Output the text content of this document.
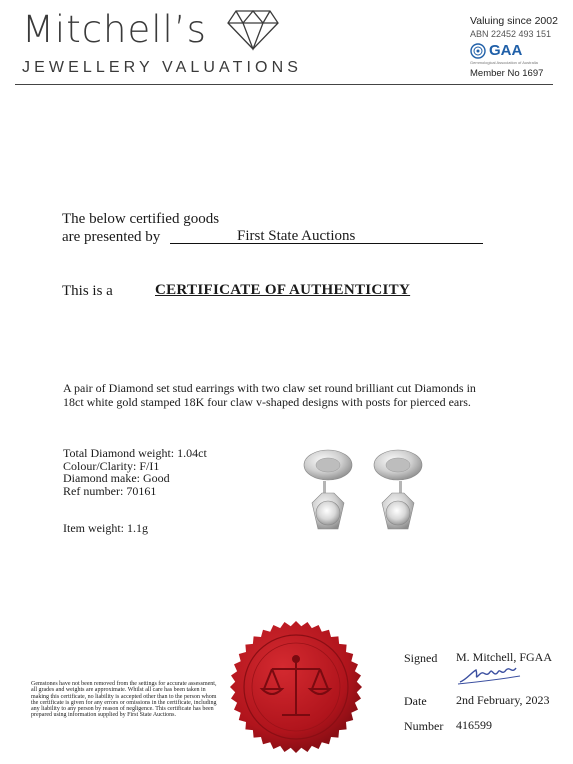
Mitchell’s
JEWELLERY VALUATIONS
Valuing since 2002
ABN 22452 493 151
GAA
Gemmological Association of Australia
Member No 1697
The below certified goods
are presented by	First State Auctions
This is a	CERTIFICATE OF AUTHENTICITY
A pair of Diamond set stud earrings with two claw set round brilliant cut Diamonds in 18ct white gold stamped 18K four claw v-shaped designs with posts for pierced ears.
Total Diamond weight: 1.04ct
Colour/Clarity: F/I1
Diamond make: Good
Ref number: 70161
Item weight: 1.1g
Gemstones have not been removed from the settings for accurate assessment, all grades and weights are approximate. Whilst all care has been taken in making this certificate, no liability is accepted other than to the person whom the certificate is given for any errors or omissions in the certificate, including any liability to any person by reason of negligence. This certificate has been prepared using information supplied by First State Auctions.
Signed M. Mitchell, FGAA
Date 2nd February, 2023
Number 416599
